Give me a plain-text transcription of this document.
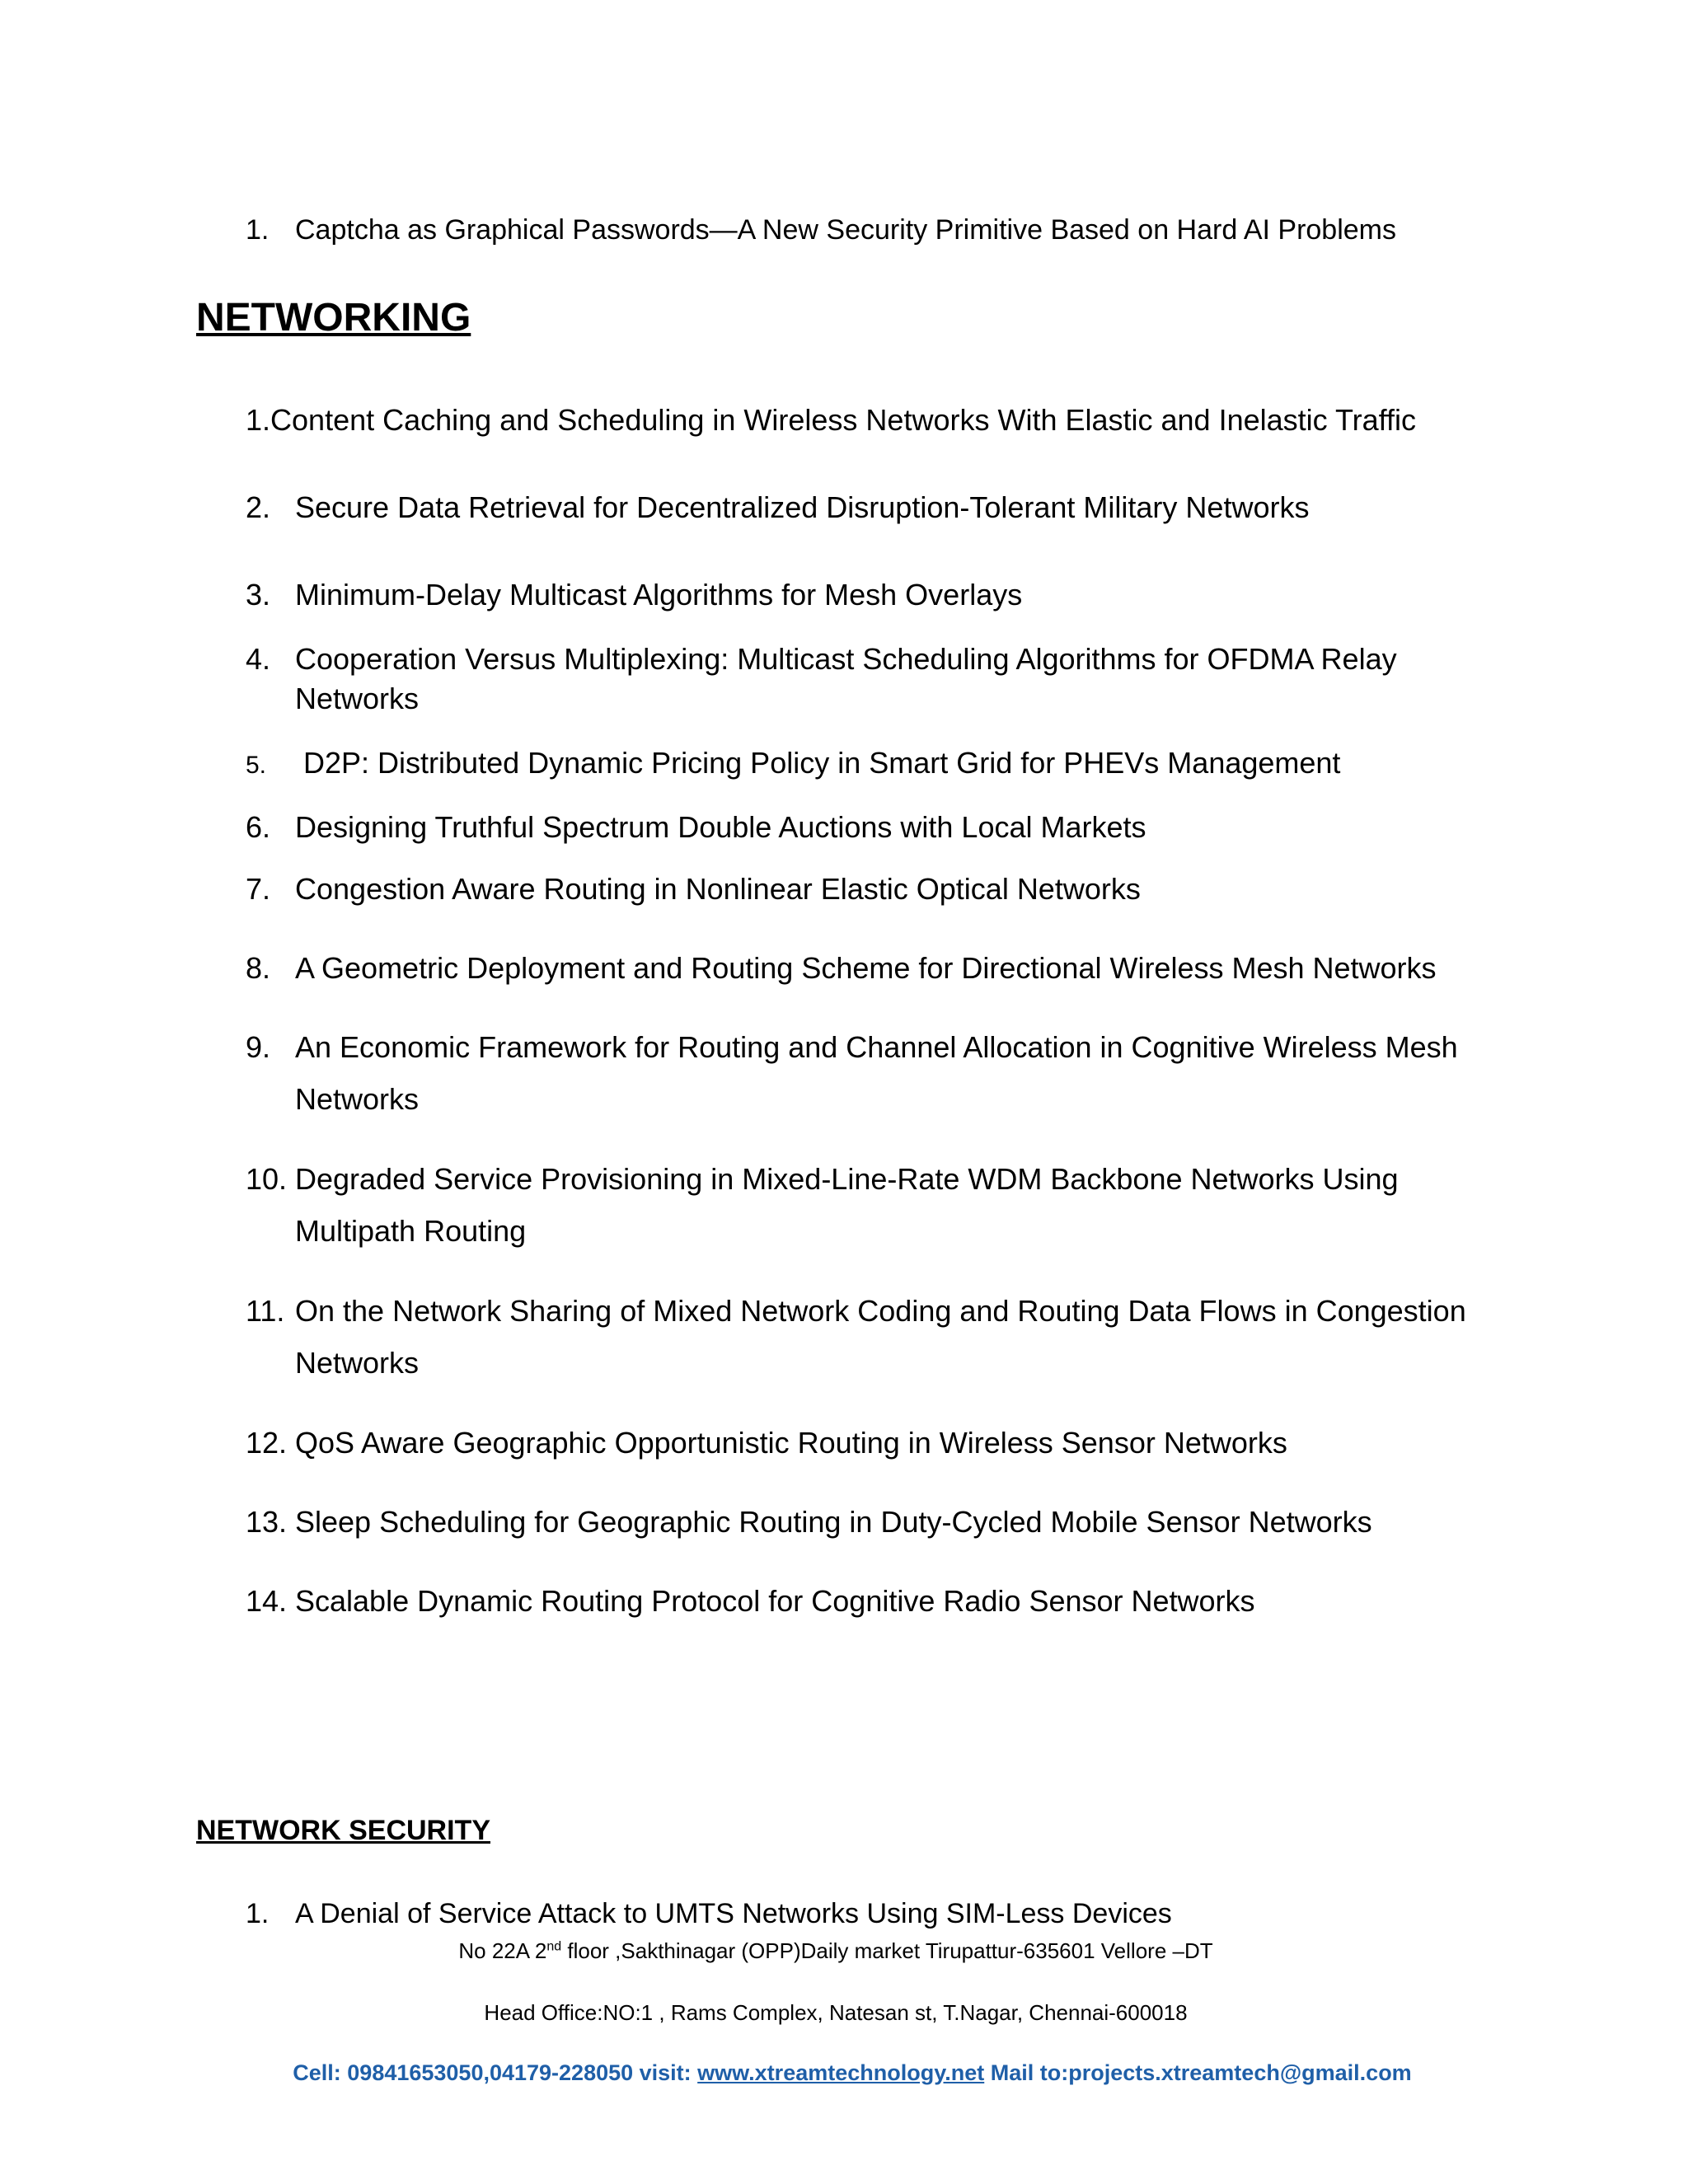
1. Captcha as Graphical Passwords—A New Security Primitive Based on Hard AI Problems
NETWORKING
1.Content Caching and Scheduling in Wireless Networks With Elastic and Inelastic Traffic
2. Secure Data Retrieval for Decentralized Disruption-Tolerant Military Networks
3. Minimum-Delay Multicast Algorithms for Mesh Overlays
4. Cooperation Versus Multiplexing: Multicast Scheduling Algorithms for OFDMA Relay
Networks
5. D2P: Distributed Dynamic Pricing Policy in Smart Grid for PHEVs Management
6. Designing Truthful Spectrum Double Auctions with Local Markets
7. Congestion Aware Routing in Nonlinear Elastic Optical Networks
8. A Geometric Deployment and Routing Scheme for Directional Wireless Mesh Networks
9. An Economic Framework for Routing and Channel Allocation in Cognitive Wireless Mesh
Networks
10. Degraded Service Provisioning in Mixed-Line-Rate WDM Backbone Networks Using
Multipath Routing
11. On the Network Sharing of Mixed Network Coding and Routing Data Flows in Congestion
Networks
12. QoS Aware Geographic Opportunistic Routing in Wireless Sensor Networks
13. Sleep Scheduling for Geographic Routing in Duty-Cycled Mobile Sensor Networks
14. Scalable Dynamic Routing Protocol for Cognitive Radio Sensor Networks
NETWORK SECURITY
1. A Denial of Service Attack to UMTS Networks Using SIM-Less Devices
No 22A 2nd floor ,Sakthinagar (OPP)Daily market Tirupattur-635601 Vellore –DT
Head Office:NO:1 , Rams Complex, Natesan st, T.Nagar, Chennai-600018
Cell: 09841653050,04179-228050 visit: www.xtreamtechnology.net Mail to:projects.xtreamtech@gmail.com
